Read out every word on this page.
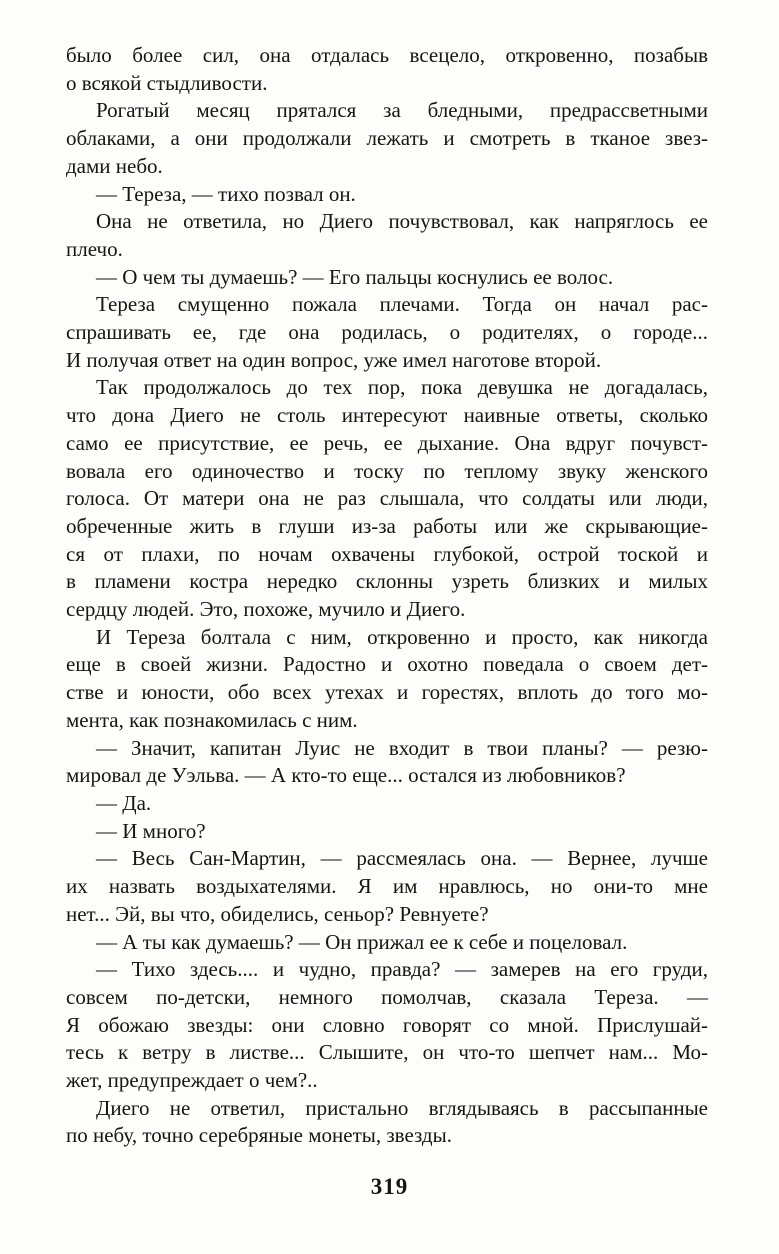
было более сил, она отдалась всецело, откровенно, позабыв
о всякой стыдливости.
Рогатый месяц прятался за бледными, предрассветными
облаками, а они продолжали лежать и смотреть в тканое звез-
дами небо.
— Тереза, — тихо позвал он.
Она не ответила, но Диего почувствовал, как напряглось ее
плечо.
— О чем ты думаешь? — Его пальцы коснулись ее волос.
Тереза смущенно пожала плечами. Тогда он начал рас-
спрашивать ее, где она родилась, о родителях, о городе...
И получая ответ на один вопрос, уже имел наготове второй.
Так продолжалось до тех пор, пока девушка не догадалась,
что дона Диего не столь интересуют наивные ответы, сколько
само ее присутствие, ее речь, ее дыхание. Она вдруг почувст-
вовала его одиночество и тоску по теплому звуку женского
голоса. От матери она не раз слышала, что солдаты или люди,
обреченные жить в глуши из-за работы или же скрывающие-
ся от плахи, по ночам охвачены глубокой, острой тоской и
в пламени костра нередко склонны узреть близких и милых
сердцу людей. Это, похоже, мучило и Диего.
И Тереза болтала с ним, откровенно и просто, как никогда
еще в своей жизни. Радостно и охотно поведала о своем дет-
стве и юности, обо всех утехах и горестях, вплоть до того мо-
мента, как познакомилась с ним.
— Значит, капитан Луис не входит в твои планы? — резю-
мировал де Уэльва. — А кто-то еще... остался из любовников?
— Да.
— И много?
— Весь Сан-Мартин, — рассмеялась она. — Вернее, лучше
их назвать воздыхателями. Я им нравлюсь, но они-то мне
нет... Эй, вы что, обиделись, сеньор? Ревнуете?
— А ты как думаешь? — Он прижал ее к себе и поцеловал.
— Тихо здесь.... и чудно, правда? — замерев на его груди,
совсем по-детски, немного помолчав, сказала Тереза. —
Я обожаю звезды: они словно говорят со мной. Прислушай-
тесь к ветру в листве... Слышите, он что-то шепчет нам... Мо-
жет, предупреждает о чем?..
Диего не ответил, пристально вглядываясь в рассыпанные
по небу, точно серебряные монеты, звезды.
319
